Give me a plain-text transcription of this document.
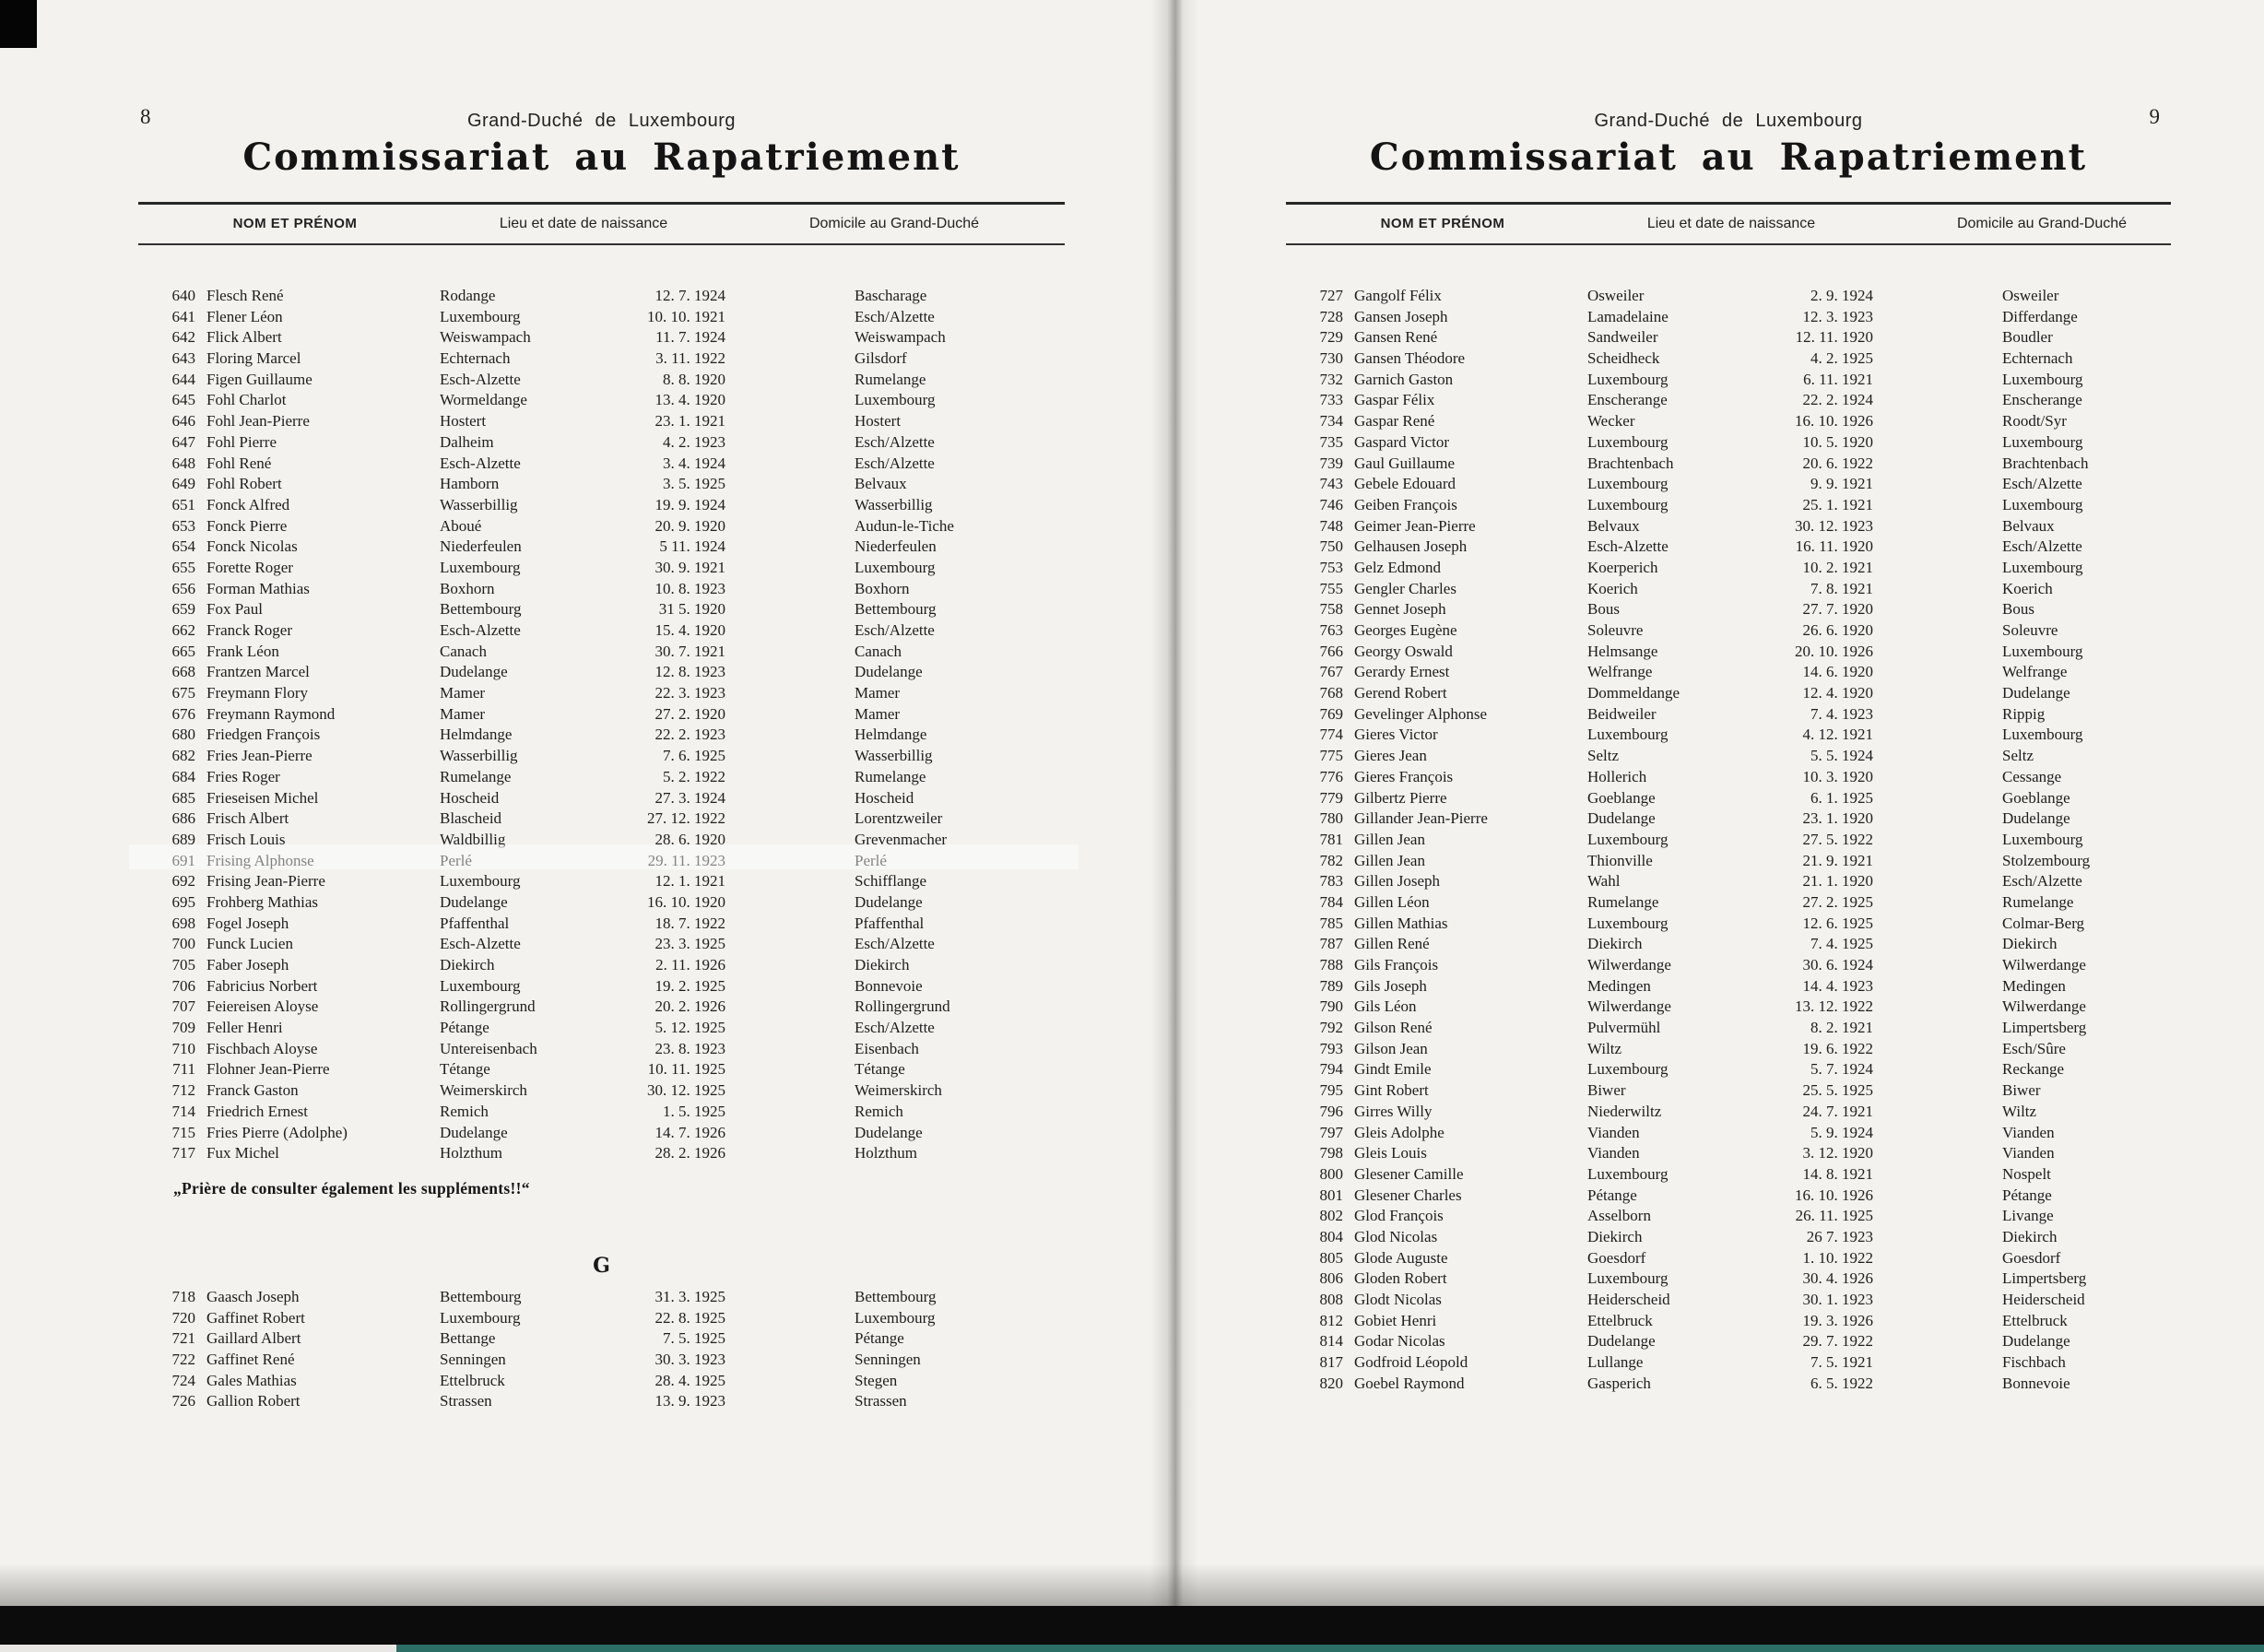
8	Grand-Duché de Luxembourg
Commissariat au Rapatriement
NOM ET PRÉNOM	Lieu et date de naissance	Domicile au Grand-Duché
640 Flesch René	Rodange	12. 7. 1924	Bascharage
641 Flener Léon	Luxembourg	10. 10. 1921	Esch/Alzette
642 Flick Albert	Weiswampach	11. 7. 1924	Weiswampach
643 Floring Marcel	Echternach	3. 11. 1922	Gilsdorf
644 Figen Guillaume	Esch-Alzette	8. 8. 1920	Rumelange
645 Fohl Charlot	Wormeldange	13. 4. 1920	Luxembourg
646 Fohl Jean-Pierre	Hostert	23. 1. 1921	Hostert
647 Fohl Pierre	Dalheim	4. 2. 1923	Esch/Alzette
648 Fohl René	Esch-Alzette	3. 4. 1924	Esch/Alzette
649 Fohl Robert	Hamborn	3. 5. 1925	Belvaux
651 Fonck Alfred	Wasserbillig	19. 9. 1924	Wasserbillig
653 Fonck Pierre	Aboué	20. 9. 1920	Audun-le-Tiche
654 Fonck Nicolas	Niederfeulen	5 11. 1924	Niederfeulen
655 Forette Roger	Luxembourg	30. 9. 1921	Luxembourg
656 Forman Mathias	Boxhorn	10. 8. 1923	Boxhorn
659 Fox Paul	Bettembourg	31 5. 1920	Bettembourg
662 Franck Roger	Esch-Alzette	15. 4. 1920	Esch/Alzette
665 Frank Léon	Canach	30. 7. 1921	Canach
668 Frantzen Marcel	Dudelange	12. 8. 1923	Dudelange
675 Freymann Flory	Mamer	22. 3. 1923	Mamer
676 Freymann Raymond	Mamer	27. 2. 1920	Mamer
680 Friedgen François	Helmdange	22. 2. 1923	Helmdange
682 Fries Jean-Pierre	Wasserbillig	7. 6. 1925	Wasserbillig
684 Fries Roger	Rumelange	5. 2. 1922	Rumelange
685 Frieseisen Michel	Hoscheid	27. 3. 1924	Hoscheid
686 Frisch Albert	Blascheid	27. 12. 1922	Lorentzweiler
689 Frisch Louis	Waldbillig	28. 6. 1920	Grevenmacher
691 Frising Alphonse	Perlé	29. 11. 1923	Perlé
692 Frising Jean-Pierre	Luxembourg	12. 1. 1921	Schifflange
695 Frohberg Mathias	Dudelange	16. 10. 1920	Dudelange
698 Fogel Joseph	Pfaffenthal	18. 7. 1922	Pfaffenthal
700 Funck Lucien	Esch-Alzette	23. 3. 1925	Esch/Alzette
705 Faber Joseph	Diekirch	2. 11. 1926	Diekirch
706 Fabricius Norbert	Luxembourg	19. 2. 1925	Bonnevoie
707 Feiereisen Aloyse	Rollingergrund	20. 2. 1926	Rollingergrund
709 Feller Henri	Pétange	5. 12. 1925	Esch/Alzette
710 Fischbach Aloyse	Untereisenbach	23. 8. 1923	Eisenbach
711 Flohner Jean-Pierre	Tétange	10. 11. 1925	Tétange
712 Franck Gaston	Weimerskirch	30. 12. 1925	Weimerskirch
714 Friedrich Ernest	Remich	1. 5. 1925	Remich
715 Fries Pierre (Adolphe)	Dudelange	14. 7. 1926	Dudelange
717 Fux Michel	Holzthum	28. 2. 1926	Holzthum
„Prière de consulter également les suppléments!!“
G
718 Gaasch Joseph	Bettembourg	31. 3. 1925	Bettembourg
720 Gaffinet Robert	Luxembourg	22. 8. 1925	Luxembourg
721 Gaillard Albert	Bettange	7. 5. 1925	Pétange
722 Gaffinet René	Senningen	30. 3. 1923	Senningen
724 Gales Mathias	Ettelbruck	28. 4. 1925	Stegen
726 Gallion Robert	Strassen	13. 9. 1923	Strassen
9
Grand-Duché de Luxembourg
Commissariat au Rapatriement
NOM ET PRÉNOM	Lieu et date de naissance	Domicile au Grand-Duché
727 Gangolf Félix	Osweiler	2. 9. 1924	Osweiler
728 Gansen Joseph	Lamadelaine	12. 3. 1923	Differdange
729 Gansen René	Sandweiler	12. 11. 1920	Boudler
730 Gansen Théodore	Scheidheck	4. 2. 1925	Echternach
732 Garnich Gaston	Luxembourg	6. 11. 1921	Luxembourg
733 Gaspar Félix	Enscherange	22. 2. 1924	Enscherange
734 Gaspar René	Wecker	16. 10. 1926	Roodt/Syr
735 Gaspard Victor	Luxembourg	10. 5. 1920	Luxembourg
739 Gaul Guillaume	Brachtenbach	20. 6. 1922	Brachtenbach
743 Gebele Edouard	Luxembourg	9. 9. 1921	Esch/Alzette
746 Geiben François	Luxembourg	25. 1. 1921	Luxembourg
748 Geimer Jean-Pierre	Belvaux	30. 12. 1923	Belvaux
750 Gelhausen Joseph	Esch-Alzette	16. 11. 1920	Esch/Alzette
753 Gelz Edmond	Koerperich	10. 2. 1921	Luxembourg
755 Gengler Charles	Koerich	7. 8. 1921	Koerich
758 Gennet Joseph	Bous	27. 7. 1920	Bous
763 Georges Eugène	Soleuvre	26. 6. 1920	Soleuvre
766 Georgy Oswald	Helmsange	20. 10. 1926	Luxembourg
767 Gerardy Ernest	Welfrange	14. 6. 1920	Welfrange
768 Gerend Robert	Dommeldange	12. 4. 1920	Dudelange
769 Gevelinger Alphonse	Beidweiler	7. 4. 1923	Rippig
774 Gieres Victor	Luxembourg	4. 12. 1921	Luxembourg
775 Gieres Jean	Seltz	5. 5. 1924	Seltz
776 Gieres François	Hollerich	10. 3. 1920	Cessange
779 Gilbertz Pierre	Goeblange	6. 1. 1925	Goeblange
780 Gillander Jean-Pierre	Dudelange	23. 1. 1920	Dudelange
781 Gillen Jean	Luxembourg	27. 5. 1922	Luxembourg
782 Gillen Jean	Thionville	21. 9. 1921	Stolzembourg
783 Gillen Joseph	Wahl	21. 1. 1920	Esch/Alzette
784 Gillen Léon	Rumelange	27. 2. 1925	Rumelange
785 Gillen Mathias	Luxembourg	12. 6. 1925	Colmar-Berg
787 Gillen René	Diekirch	7. 4. 1925	Diekirch
788 Gils François	Wilwerdange	30. 6. 1924	Wilwerdange
789 Gils Joseph	Medingen	14. 4. 1923	Medingen
790 Gils Léon	Wilwerdange	13. 12. 1922	Wilwerdange
792 Gilson René	Pulvermühl	8. 2. 1921	Limpertsberg
793 Gilson Jean	Wiltz	19. 6. 1922	Esch/Sûre
794 Gindt Emile	Luxembourg	5. 7. 1924	Reckange
795 Gint Robert	Biwer	25. 5. 1925	Biwer
796 Girres Willy	Niederwiltz	24. 7. 1921	Wiltz
797 Gleis Adolphe	Vianden	5. 9. 1924	Vianden
798 Gleis Louis	Vianden	3. 12. 1920	Vianden
800 Glesener Camille	Luxembourg	14. 8. 1921	Nospelt
801 Glesener Charles	Pétange	16. 10. 1926	Pétange
802 Glod François	Asselborn	26. 11. 1925	Livange
804 Glod Nicolas	Diekirch	26 7. 1923	Diekirch
805 Glode Auguste	Goesdorf	1. 10. 1922	Goesdorf
806 Gloden Robert	Luxembourg	30. 4. 1926	Limpertsberg
808 Glodt Nicolas	Heiderscheid	30. 1. 1923	Heiderscheid
812 Gobiet Henri	Ettelbruck	19. 3. 1926	Ettelbruck
814 Godar Nicolas	Dudelange	29. 7. 1922	Dudelange
817 Godfroid Léopold	Lullange	7. 5. 1921	Fischbach
820 Goebel Raymond	Gasperich	6. 5. 1922	Bonnevoie
